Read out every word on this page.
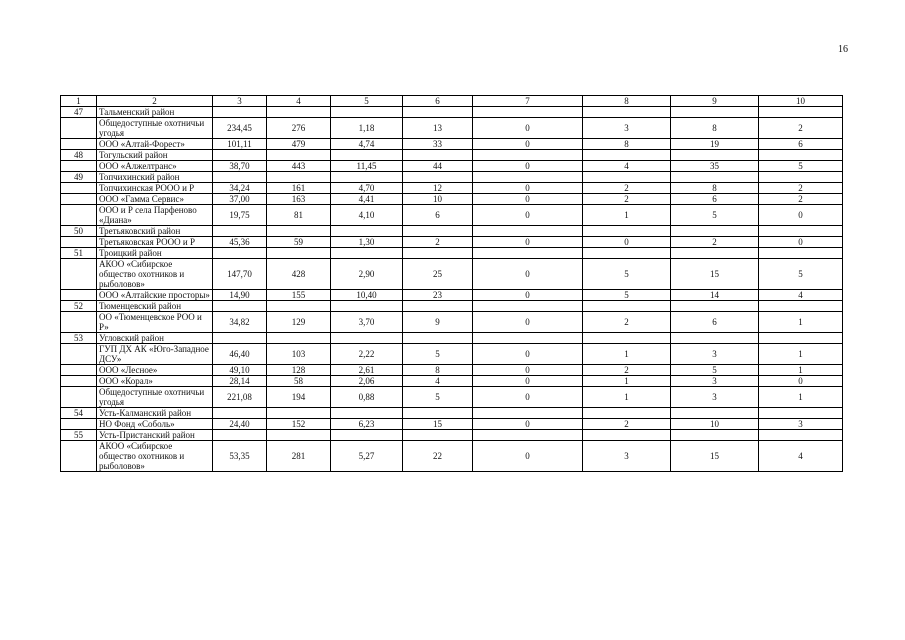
16
1	2	3	4	5	6	7	8	9	10
47	Тальменский район								
	Общедоступные охотничьи угодья	234,45	276	1,18	13	0	3	8	2
	ООО «Алтай-Форест»	101,11	479	4,74	33	0	8	19	6
48	Тогульский район								
	ООО «Алжелтранс»	38,70	443	11,45	44	0	4	35	5
49	Топчихинский район								
	Топчихинская РООО и Р	34,24	161	4,70	12	0	2	8	2
	ООО «Гамма Сервис»	37,00	163	4,41	10	0	2	6	2
	ООО и Р села Парфеново «Диана»	19,75	81	4,10	6	0	1	5	0
50	Третьяковский район								
	Третьяковская РООО и Р	45,36	59	1,30	2	0	0	2	0
51	Троицкий район								
	АКОО «Сибирское общество охотников и рыболовов»	147,70	428	2,90	25	0	5	15	5
	ООО «Алтайские просторы»	14,90	155	10,40	23	0	5	14	4
52	Тюменцевский район								
	ОО «Тюменцевское РОО и Р»	34,82	129	3,70	9	0	2	6	1
53	Угловский район								
	ГУП ДХ АК «Юго-Западное ДСУ»	46,40	103	2,22	5	0	1	3	1
	ООО «Лесное»	49,10	128	2,61	8	0	2	5	1
	ООО «Корал»	28,14	58	2,06	4	0	1	3	0
	Общедоступные охотничьи угодья	221,08	194	0,88	5	0	1	3	1
54	Усть-Калманский район								
	НО Фонд «Соболь»	24,40	152	6,23	15	0	2	10	3
55	Усть-Пристанский район								
	АКОО «Сибирское общество охотников и рыболовов»	53,35	281	5,27	22	0	3	15	4
